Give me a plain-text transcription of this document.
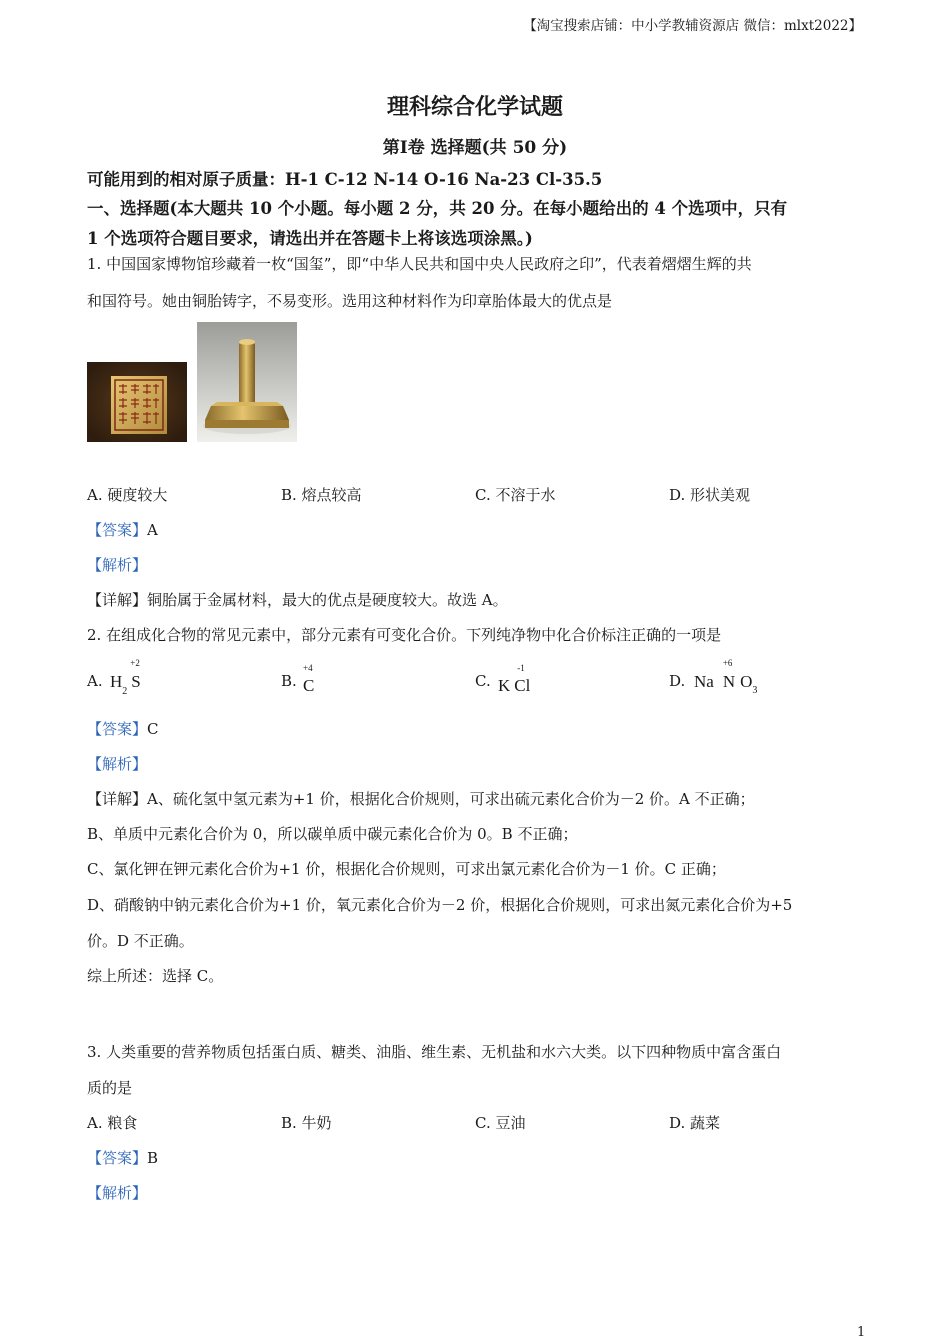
【淘宝搜索店铺：中小学教辅资源店 微信：mlxt2022】
理科综合化学试题
第Ⅰ卷 选择题(共 50 分)
可能用到的相对原子质量：H-1 C-12 N-14 O-16 Na-23 Cl-35.5
一、选择题(本大题共 10 个小题。每小题 2 分，共 20 分。在每小题给出的 4 个选项中，只有
1 个选项符合题目要求，请选出并在答题卡上将该选项涂黑。)
1. 中国国家博物馆珍藏着一枚“国玺”，即“中华人民共和国中央人民政府之印”，代表着熠熠生辉的共
和国符号。她由铜胎铸字，不易变形。选用这种材料作为印章胎体最大的优点是
A. 硬度较大	B. 熔点较高	C. 不溶于水	D. 形状美观
【答案】A
【解析】
【详解】铜胎属于金属材料，最大的优点是硬度较大。故选 A。
2. 在组成化合物的常见元素中，部分元素有可变化合价。下列纯净物中化合价标注正确的一项是
A. $H_2$
+2
S	B.
+4
C	C. K
-1
Cl	D. Na
+6
N $O_3$
【答案】C
【解析】
【详解】A、硫化氢中氢元素为+1 价，根据化合价规则，可求出硫元素化合价为－2 价。A 不正确；
B、单质中元素化合价为 0，所以碳单质中碳元素化合价为 0。B 不正确；
C、氯化钾在钾元素化合价为+1 价，根据化合价规则，可求出氯元素化合价为－1 价。C 正确；
D、硝酸钠中钠元素化合价为+1 价，氧元素化合价为－2 价，根据化合价规则，可求出氮元素化合价为+5
价。D 不正确。
综上所述：选择 C。
3. 人类重要的营养物质包括蛋白质、糖类、油脂、维生素、无机盐和水六大类。以下四种物质中富含蛋白
质的是
A. 粮食	B. 牛奶	C. 豆油	D. 蔬菜
【答案】B
【解析】
1
